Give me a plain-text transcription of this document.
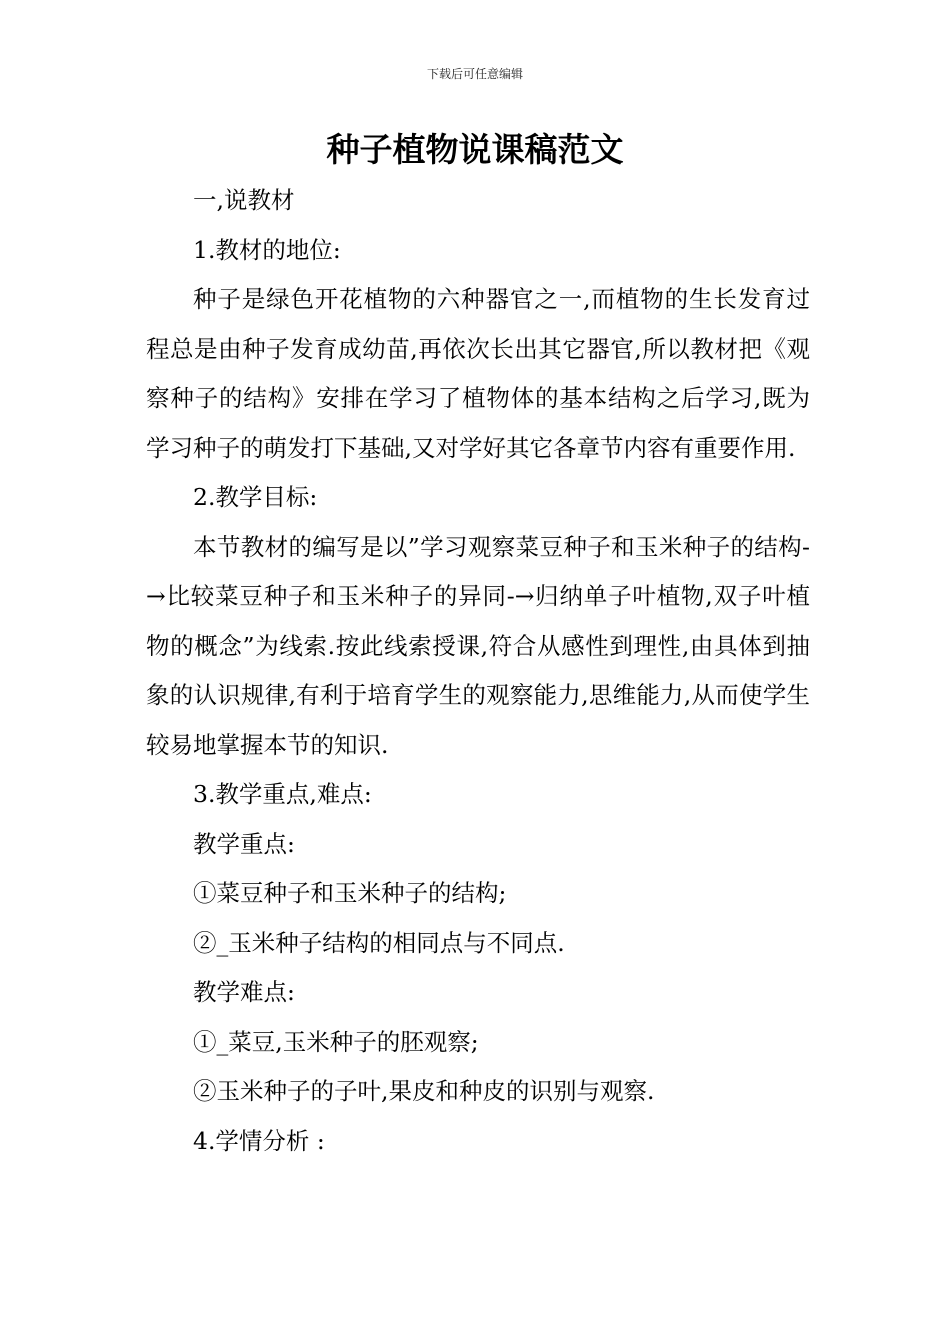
下载后可任意编辑
种子植物说课稿范文

一,说教材

1.教材的地位:

种子是绿色开花植物的六种器官之一,而植物的生长发育过程总是由种子发育成幼苗,再依次长出其它器官,所以教材把《观察种子的结构》安排在学习了植物体的基本结构之后学习,既为学习种子的萌发打下基础,又对学好其它各章节内容有重要作用.

2.教学目标:

本节教材的编写是以”学习观察菜豆种子和玉米种子的结构-→比较菜豆种子和玉米种子的异同-→归纳单子叶植物,双子叶植物的概念”为线索.按此线索授课,符合从感性到理性,由具体到抽象的认识规律,有利于培育学生的观察能力,思维能力,从而使学生较易地掌握本节的知识.

3.教学重点,难点:

教学重点:

①菜豆种子和玉米种子的结构;

②_玉米种子结构的相同点与不同点.

教学难点:

①_菜豆,玉米种子的胚观察;

②玉米种子的子叶,果皮和种皮的识别与观察.

4.学情分析 :
